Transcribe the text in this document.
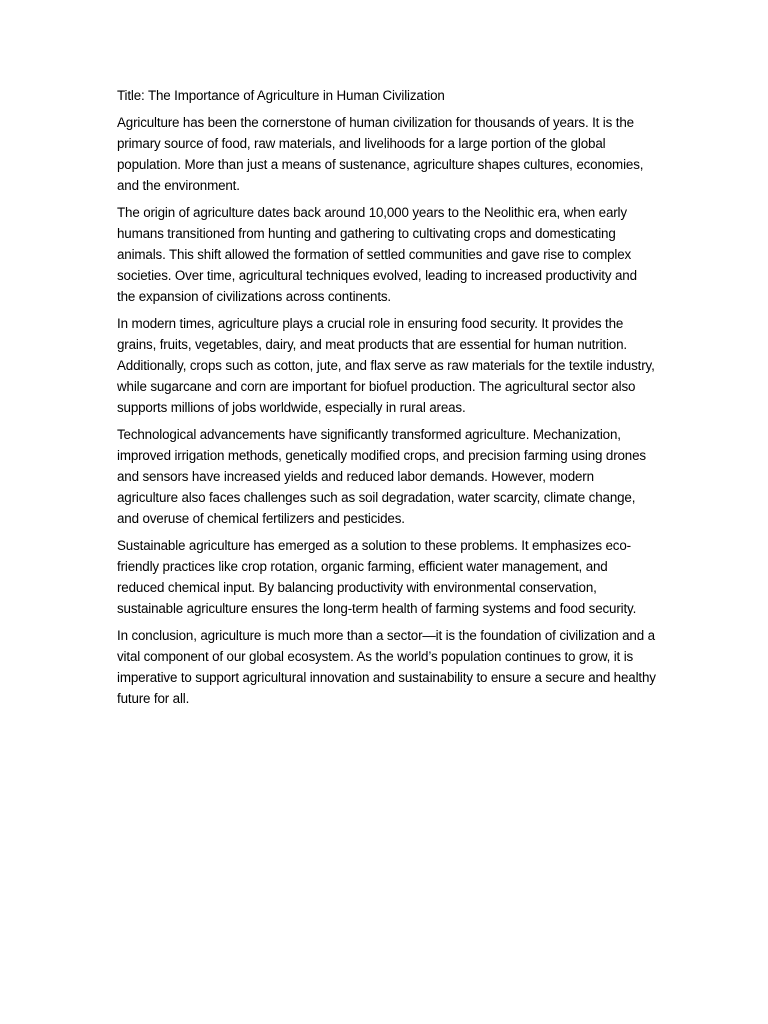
Title: The Importance of Agriculture in Human Civilization

Agriculture has been the cornerstone of human civilization for thousands of years. It is the primary source of food, raw materials, and livelihoods for a large portion of the global population. More than just a means of sustenance, agriculture shapes cultures, economies, and the environment.

The origin of agriculture dates back around 10,000 years to the Neolithic era, when early humans transitioned from hunting and gathering to cultivating crops and domesticating animals. This shift allowed the formation of settled communities and gave rise to complex societies. Over time, agricultural techniques evolved, leading to increased productivity and the expansion of civilizations across continents.

In modern times, agriculture plays a crucial role in ensuring food security. It provides the grains, fruits, vegetables, dairy, and meat products that are essential for human nutrition. Additionally, crops such as cotton, jute, and flax serve as raw materials for the textile industry, while sugarcane and corn are important for biofuel production. The agricultural sector also supports millions of jobs worldwide, especially in rural areas.

Technological advancements have significantly transformed agriculture. Mechanization, improved irrigation methods, genetically modified crops, and precision farming using drones and sensors have increased yields and reduced labor demands. However, modern agriculture also faces challenges such as soil degradation, water scarcity, climate change, and overuse of chemical fertilizers and pesticides.

Sustainable agriculture has emerged as a solution to these problems. It emphasizes eco-friendly practices like crop rotation, organic farming, efficient water management, and reduced chemical input. By balancing productivity with environmental conservation, sustainable agriculture ensures the long-term health of farming systems and food security.

In conclusion, agriculture is much more than a sector—it is the foundation of civilization and a vital component of our global ecosystem. As the world’s population continues to grow, it is imperative to support agricultural innovation and sustainability to ensure a secure and healthy future for all.
